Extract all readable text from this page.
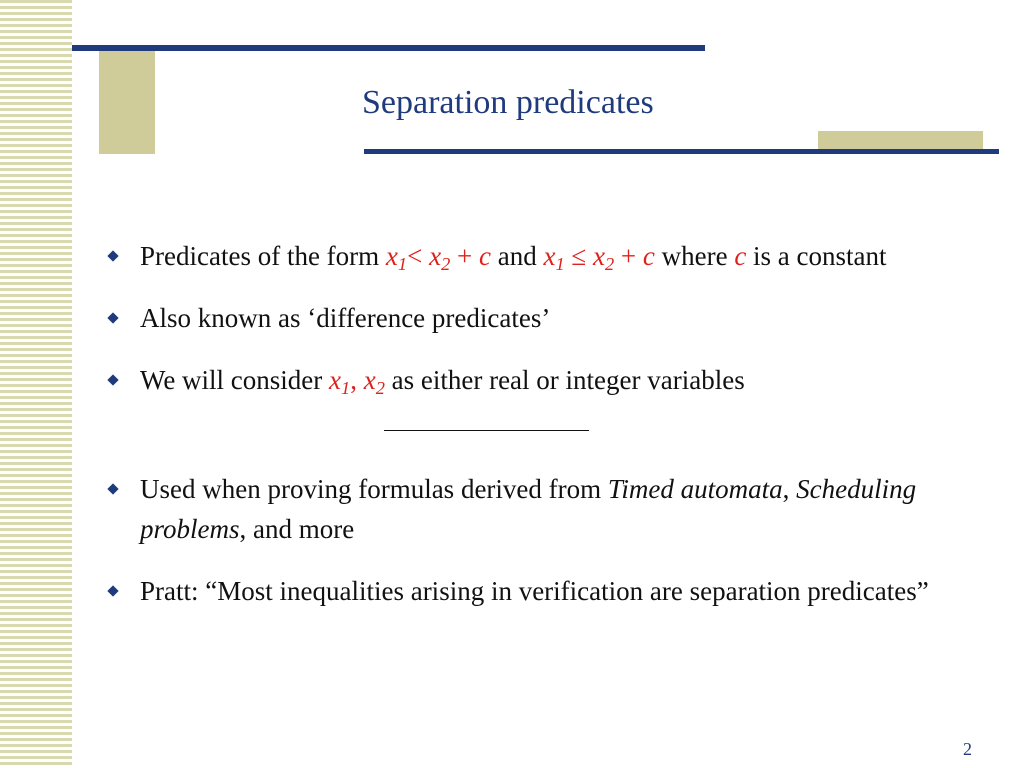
Separation predicates
Predicates of the form $x_1< x_2 + c$ and $x_1 \le x_2 + c$ where c is a constant
Also known as ‘difference predicates’
We will consider $x_1$, $x_2$ as either real or integer variables
Used when proving formulas derived from Timed automata, Scheduling problems, and more
Pratt: “Most inequalities arising in verification are separation predicates”
2
